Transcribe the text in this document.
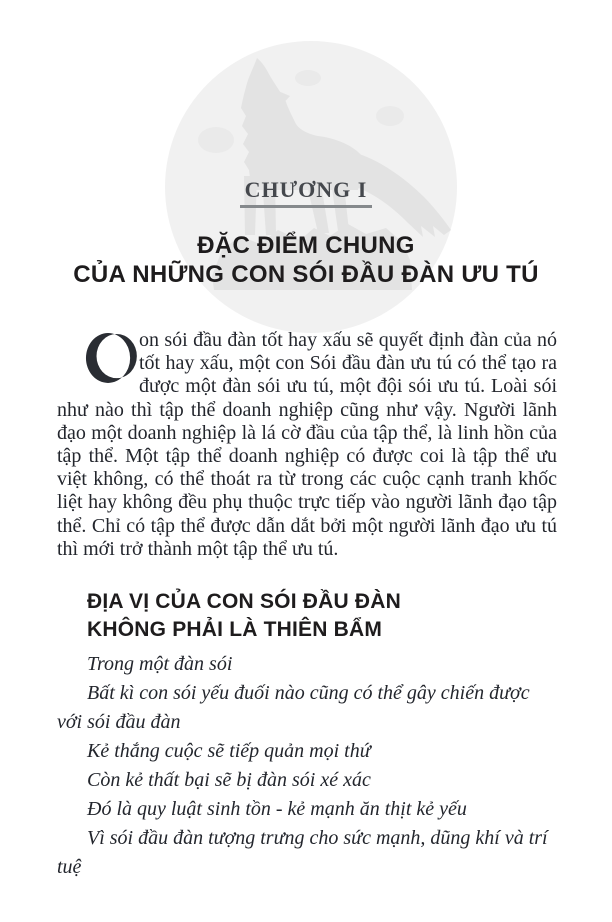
CHƯƠNG I
ĐẶC ĐIỂM CHUNG
CỦA NHỮNG CON SÓI ĐẦU ĐÀN ƯU TÚ
on sói đầu đàn tốt hay xấu sẽ quyết định đàn của nó tốt hay xấu, một con Sói đầu đàn ưu tú có thể tạo ra được một đàn sói ưu tú, một đội sói ưu tú. Loài sói như nào thì tập thể doanh nghiệp cũng như vậy. Người lãnh đạo một doanh nghiệp là lá cờ đầu của tập thể, là linh hồn của tập thể. Một tập thể doanh nghiệp có được coi là tập thể ưu việt không, có thể thoát ra từ trong các cuộc cạnh tranh khốc liệt hay không đều phụ thuộc trực tiếp vào người lãnh đạo tập thể. Chỉ có tập thể được dẫn dắt bởi một người lãnh đạo ưu tú thì mới trở thành một tập thể ưu tú.
ĐỊA VỊ CỦA CON SÓI ĐẦU ĐÀN
KHÔNG PHẢI LÀ THIÊN BẨM

Trong một đàn sói

Bất kì con sói yếu đuối nào cũng có thể gây chiến được với sói đầu đàn

Kẻ thắng cuộc sẽ tiếp quản mọi thứ

Còn kẻ thất bại sẽ bị đàn sói xé xác

Đó là quy luật sinh tồn - kẻ mạnh ăn thịt kẻ yếu

Vì sói đầu đàn tượng trưng cho sức mạnh, dũng khí và trí tuệ
